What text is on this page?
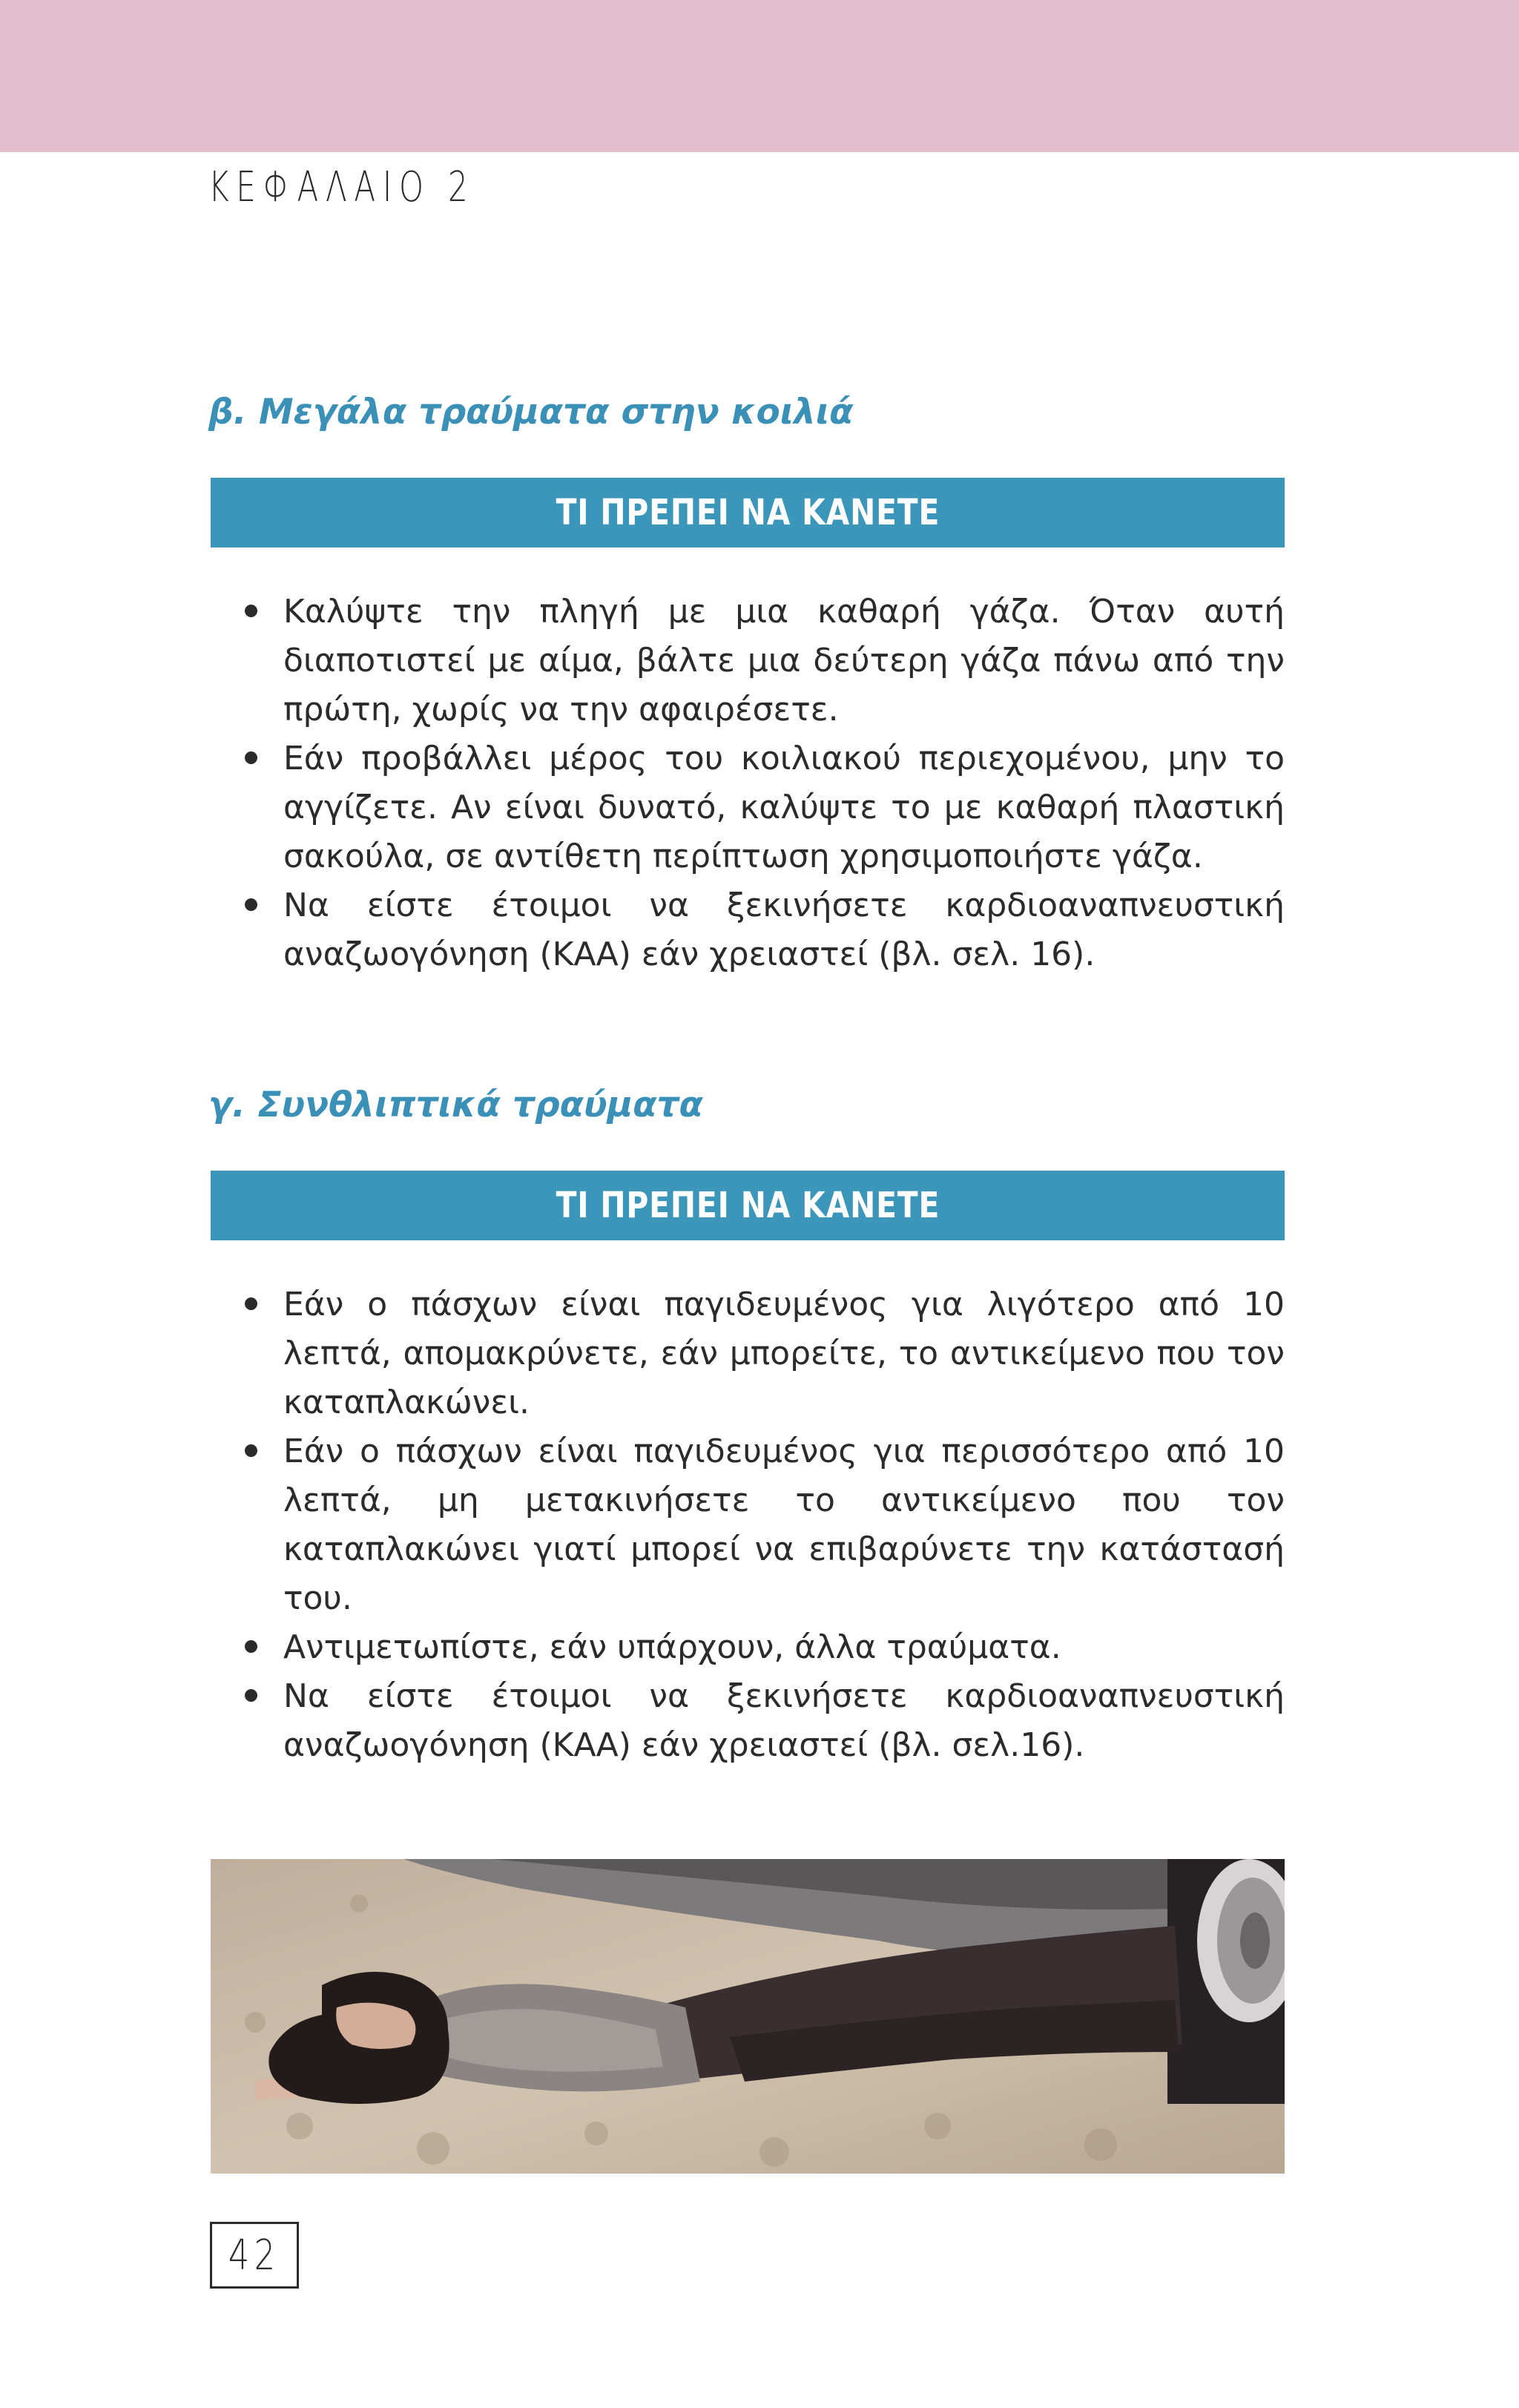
ΚΕΦΑΛΑΙΟ 2
β. Μεγάλα τραύματα στην κοιλιά
ΤΙ ΠΡΕΠΕΙ ΝΑ ΚΑΝΕΤΕ
Καλύψτε την πληγή με μια καθαρή γάζα. Όταν αυτή διαποτιστεί με αίμα, βάλτε μια δεύτερη γάζα πάνω από την πρώτη, χωρίς να την αφαιρέσετε.
Εάν προβάλλει μέρος του κοιλιακού περιεχομένου, μην το αγγίζετε. Αν είναι δυνατό, καλύψτε το με καθαρή πλαστική σακούλα, σε αντίθετη περίπτωση χρησιμοποιήστε γάζα.
Να είστε έτοιμοι να ξεκινήσετε καρδιοαναπνευστική αναζωογόνηση (ΚΑΑ) εάν χρειαστεί (βλ. σελ. 16).
γ. Συνθλιπτικά τραύματα
ΤΙ ΠΡΕΠΕΙ ΝΑ ΚΑΝΕΤΕ
Εάν ο πάσχων είναι παγιδευμένος για λιγότερο από 10 λεπτά, απομακρύνετε, εάν μπορείτε, το αντικείμενο που τον καταπλακώνει.
Εάν ο πάσχων είναι παγιδευμένος για περισσότερο από 10 λεπτά, μη μετακινήσετε το αντικείμενο που τον καταπλακώνει γιατί μπορεί να επιβαρύνετε την κατάστασή του.
Αντιμετωπίστε, εάν υπάρχουν, άλλα τραύματα.
Να είστε έτοιμοι να ξεκινήσετε καρδιοαναπνευστική αναζωογόνηση (ΚΑΑ) εάν χρειαστεί (βλ. σελ.16).
42
